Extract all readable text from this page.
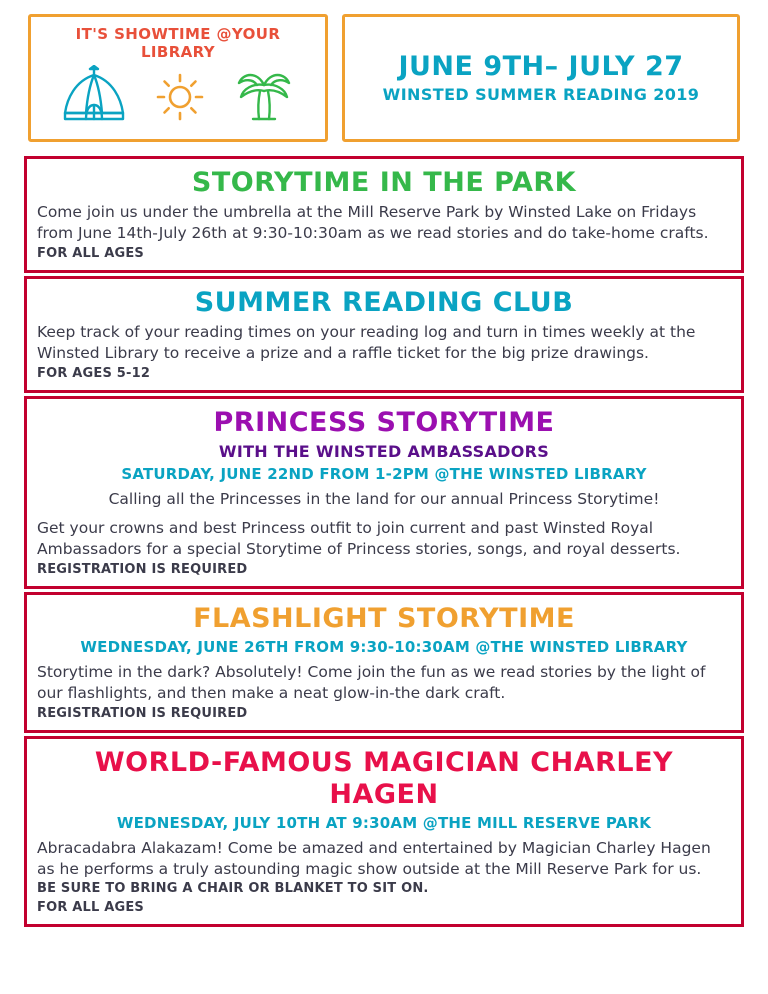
IT'S SHOWTIME @YOUR LIBRARY	JUNE 9TH– JULY 27
WINSTED SUMMER READING 2019
STORYTIME IN THE PARK
Come join us under the umbrella at the Mill Reserve Park by Winsted Lake on Fridays from June 14th-July 26th at 9:30-10:30am as we read stories and do take-home crafts.
FOR ALL AGES
SUMMER READING CLUB
Keep track of your reading times on your reading log and turn in times weekly at the Winsted Library to receive a prize and a raffle ticket for the big prize drawings.
FOR AGES 5-12
PRINCESS STORYTIME
WITH THE WINSTED AMBASSADORS
SATURDAY, JUNE 22ND FROM 1-2PM @THE WINSTED LIBRARY
Calling all the Princesses in the land for our annual Princess Storytime!
Get your crowns and best Princess outfit to join current and past Winsted Royal Ambassadors for a special Storytime of Princess stories, songs, and royal desserts.
REGISTRATION IS REQUIRED
FLASHLIGHT STORYTIME
WEDNESDAY, JUNE 26TH FROM 9:30-10:30AM @THE WINSTED LIBRARY
Storytime in the dark? Absolutely! Come join the fun as we read stories by the light of our flashlights, and then make a neat glow-in-the dark craft.
REGISTRATION IS REQUIRED
WORLD-FAMOUS MAGICIAN CHARLEY HAGEN
WEDNESDAY, JULY 10TH AT 9:30AM @THE MILL RESERVE PARK
Abracadabra Alakazam! Come be amazed and entertained by Magician Charley Hagen as he performs a truly astounding magic show outside at the Mill Reserve Park for us.
BE SURE TO BRING A CHAIR OR BLANKET TO SIT ON.
FOR ALL AGES
